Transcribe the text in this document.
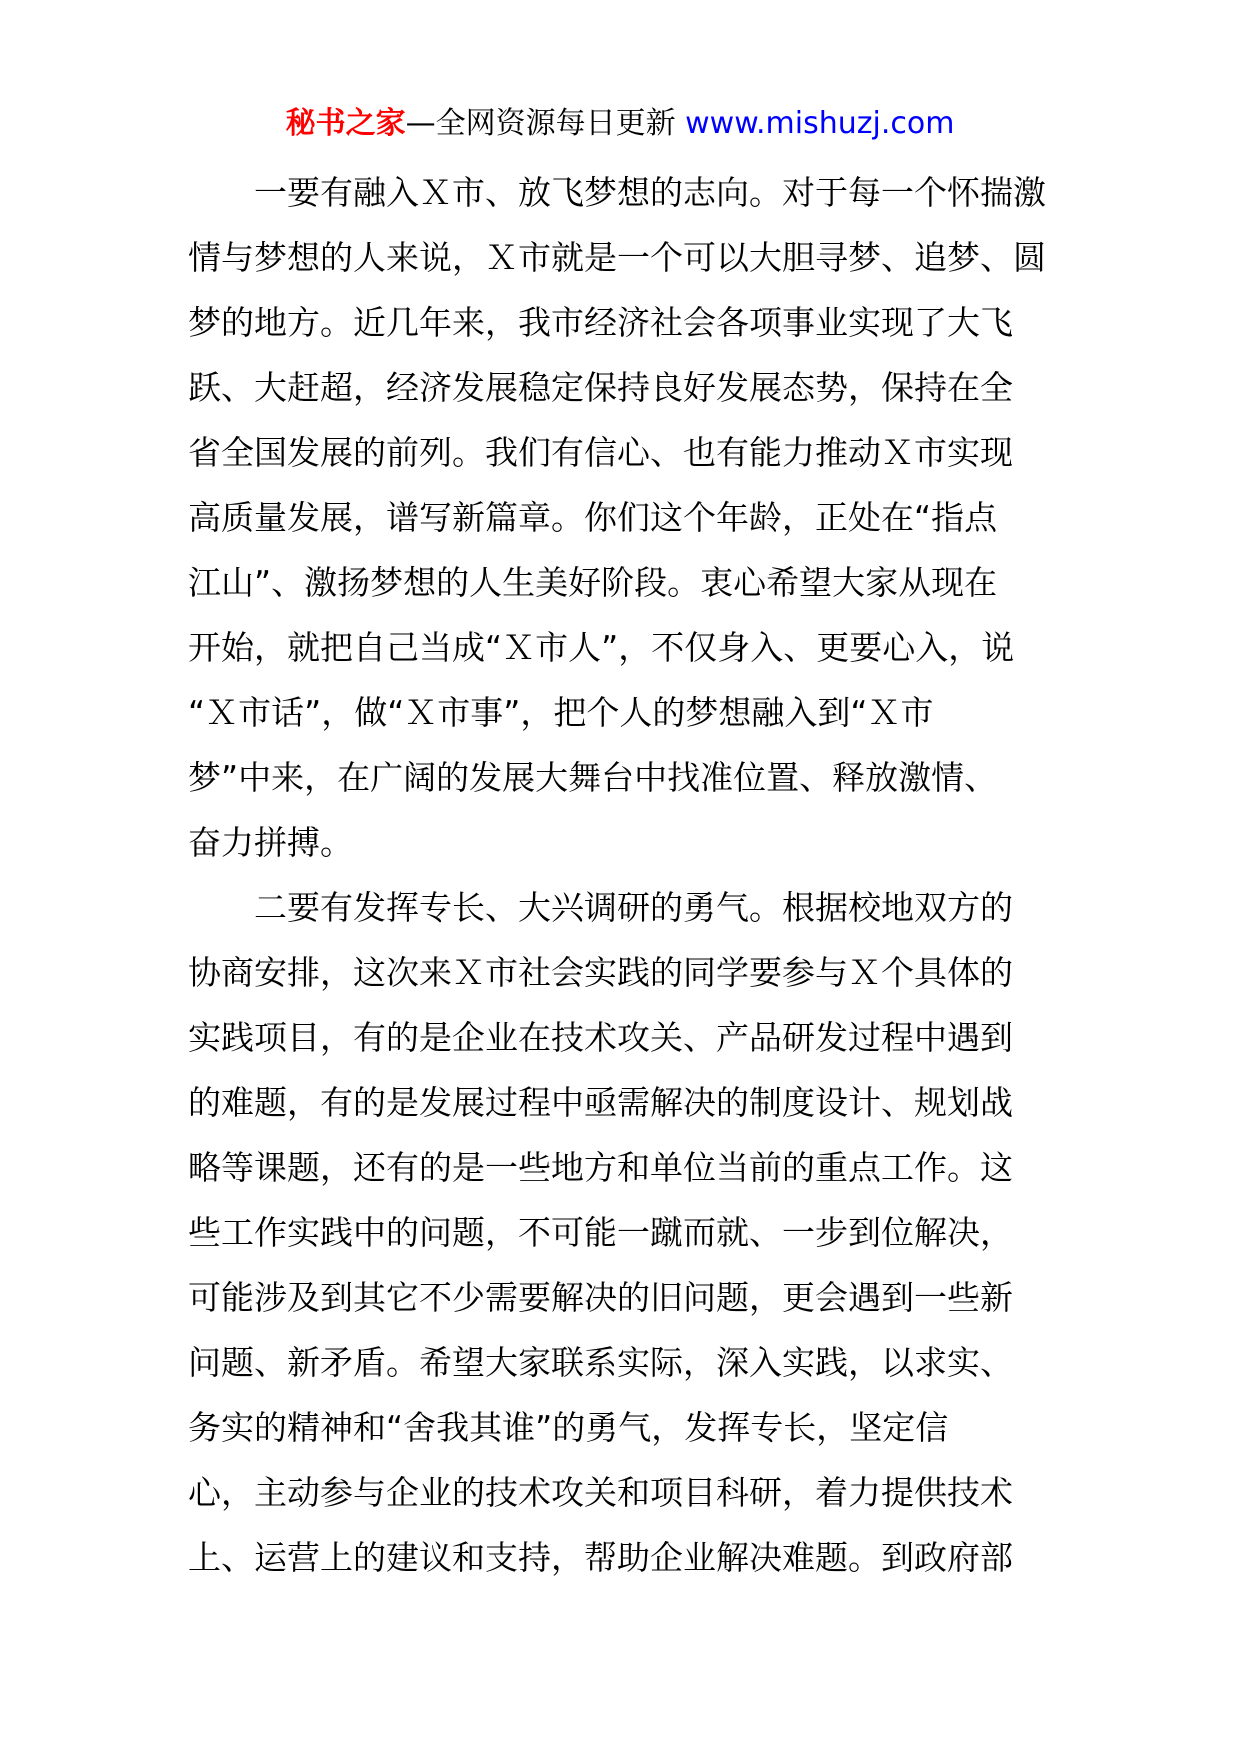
秘书之家—全网资源每日更新 www.mishuzj.com
一要有融入Ｘ市、放飞梦想的志向。对于每一个怀揣激
情与梦想的人来说，Ｘ市就是一个可以大胆寻梦、追梦、圆
梦的地方。近几年来，我市经济社会各项事业实现了大飞
跃、大赶超，经济发展稳定保持良好发展态势，保持在全
省全国发展的前列。我们有信心、也有能力推动Ｘ市实现
高质量发展，谱写新篇章。你们这个年龄，正处在“指点
江山”、激扬梦想的人生美好阶段。衷心希望大家从现在
开始，就把自己当成“Ｘ市人”，不仅身入、更要心入，说
“Ｘ市话”，做“Ｘ市事”，把个人的梦想融入到“Ｘ市
梦”中来，在广阔的发展大舞台中找准位置、释放激情、
奋力拼搏。
二要有发挥专长、大兴调研的勇气。根据校地双方的
协商安排，这次来Ｘ市社会实践的同学要参与Ｘ个具体的
实践项目，有的是企业在技术攻关、产品研发过程中遇到
的难题，有的是发展过程中亟需解决的制度设计、规划战
略等课题，还有的是一些地方和单位当前的重点工作。这
些工作实践中的问题，不可能一蹴而就、一步到位解决，
可能涉及到其它不少需要解决的旧问题，更会遇到一些新
问题、新矛盾。希望大家联系实际，深入实践，以求实、
务实的精神和“舍我其谁”的勇气，发挥专长，坚定信
心，主动参与企业的技术攻关和项目科研，着力提供技术
上、运营上的建议和支持，帮助企业解决难题。到政府部
